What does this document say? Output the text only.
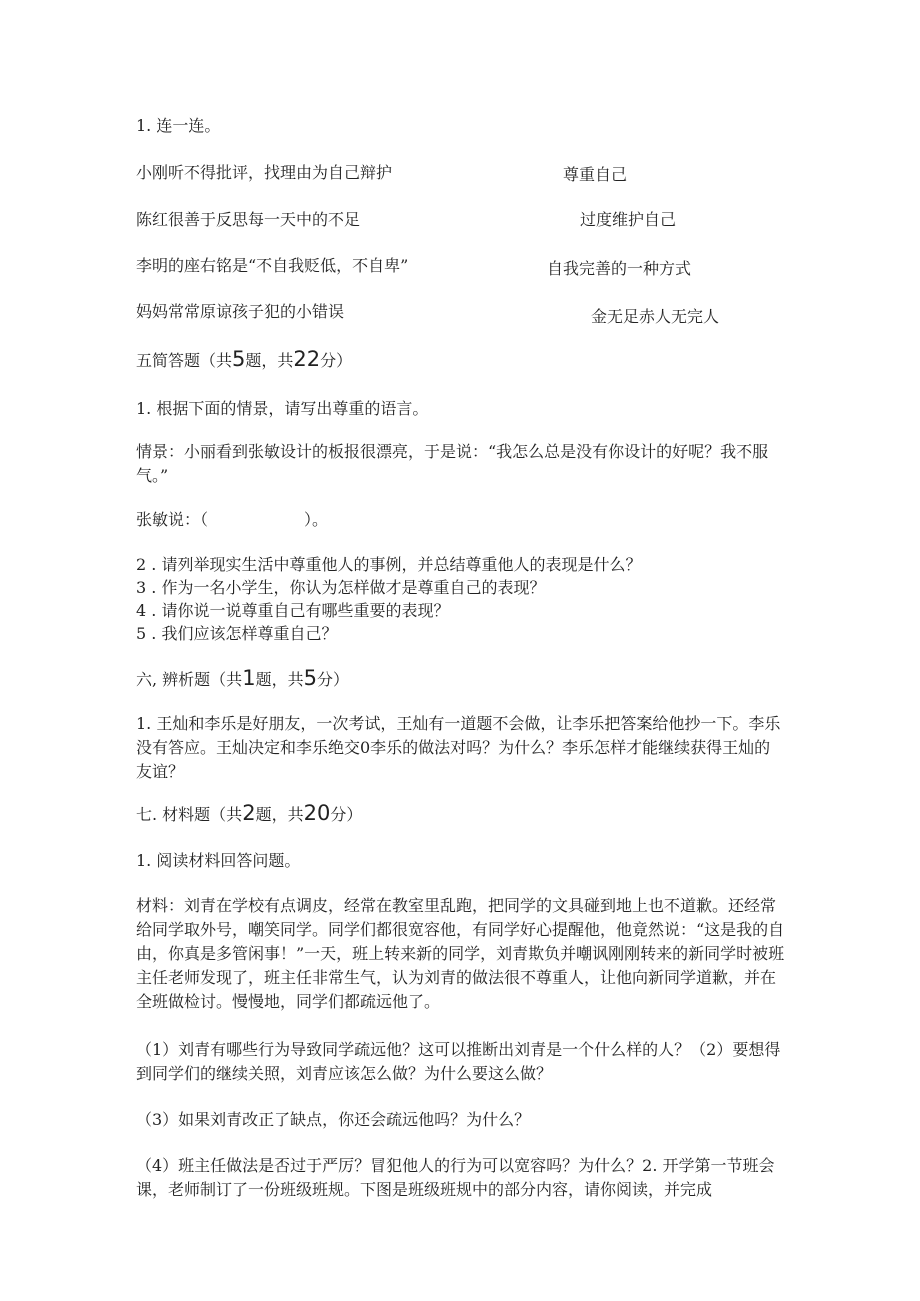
1. 连一连。
小刚听不得批评，找理由为自己辩护	尊重自己
陈红很善于反思每一天中的不足	过度维护自己
李明的座右铭是“不自我贬低，不自卑”	自我完善的一种方式
妈妈常常原谅孩子犯的小错误	金无足赤人无完人
五简答题（共5题，共22分）
1. 根据下面的情景，请写出尊重的语言。
情景：小丽看到张敏设计的板报很漂亮，于是说：“我怎么总是没有你设计的好呢？我不服气。”
张敏说：（　　　　　　）。
2 . 请列举现实生活中尊重他人的事例，并总结尊重他人的表现是什么？
3 . 作为一名小学生，你认为怎样做才是尊重自己的表现？
4 . 请你说一说尊重自己有哪些重要的表现？
5 . 我们应该怎样尊重自己？
六, 辨析题（共1题，共5分）
1. 王灿和李乐是好朋友，一次考试，王灿有一道题不会做，让李乐把答案给他抄一下。李乐没有答应。王灿决定和李乐绝交0李乐的做法对吗？为什么？李乐怎样才能继续获得王灿的友谊？
七. 材料题（共2题，共20分）
1. 阅读材料回答问题。
材料：刘青在学校有点调皮，经常在教室里乱跑，把同学的文具碰到地上也不道歉。还经常给同学取外号，嘲笑同学。同学们都很宽容他，有同学好心提醒他，他竟然说：“这是我的自由，你真是多管闲事！”一天，班上转来新的同学，刘青欺负并嘲讽刚刚转来的新同学时被班主任老师发现了，班主任非常生气，认为刘青的做法很不尊重人，让他向新同学道歉，并在全班做检讨。慢慢地，同学们都疏远他了。
（1）刘青有哪些行为导致同学疏远他？这可以推断出刘青是一个什么样的人？（2）要想得到同学们的继续关照，刘青应该怎么做？为什么要这么做？
（3）如果刘青改正了缺点，你还会疏远他吗？为什么？
（4）班主任做法是否过于严厉？冒犯他人的行为可以宽容吗？为什么？2. 开学第一节班会课，老师制订了一份班级班规。下图是班级班规中的部分内容，请你阅读，并完成
